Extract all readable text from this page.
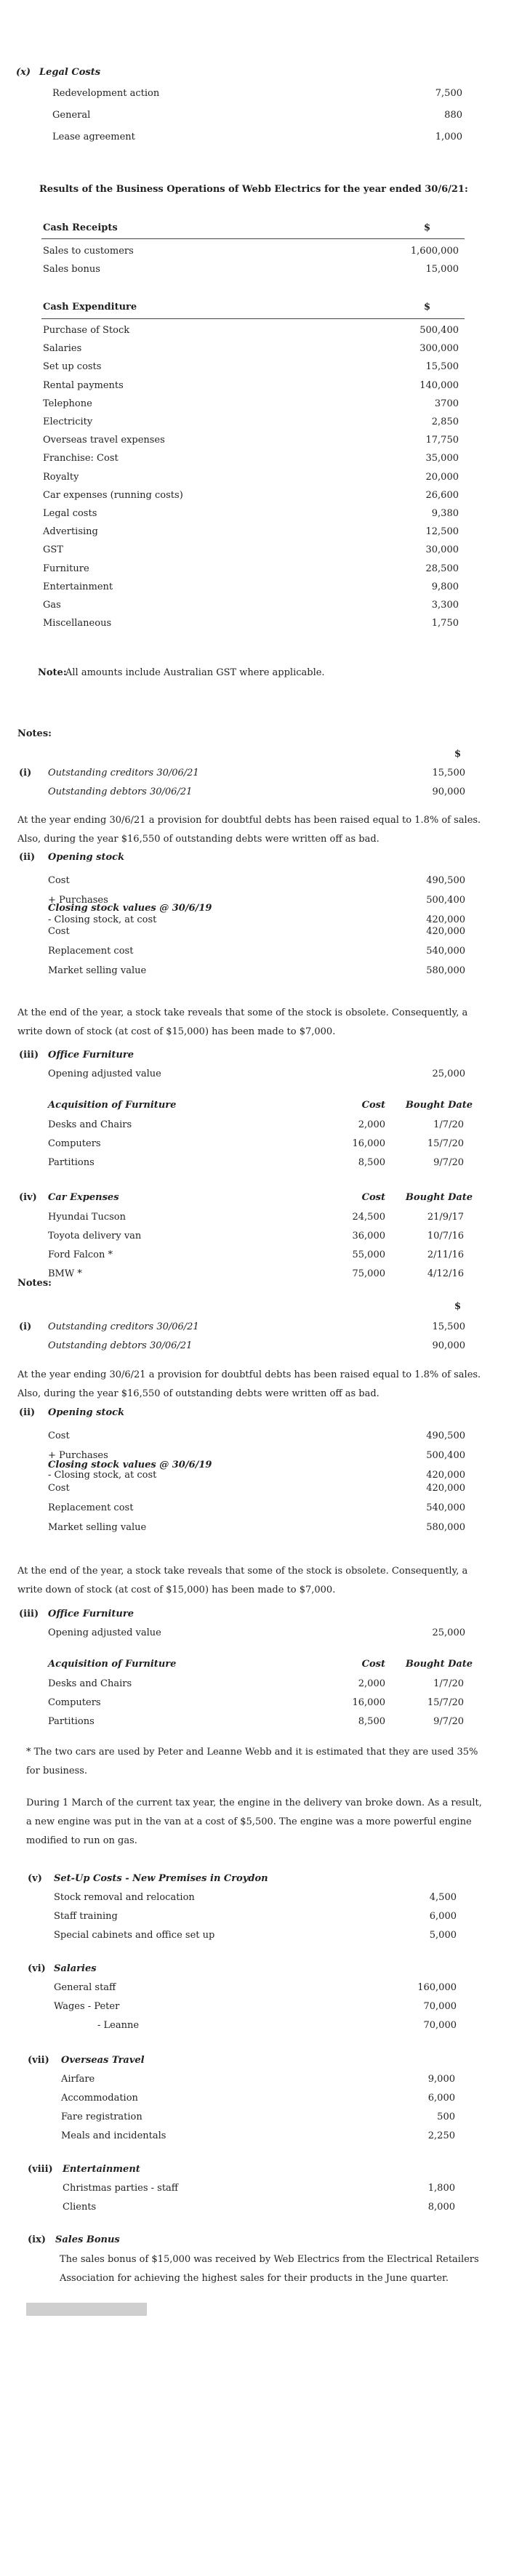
(x) Legal Costs
Redevelopment action	7,500
General	880
Lease agreement	1,000
Results of the Business Operations of Webb Electrics for the year ended 30/6/21:
Cash Receipts	$
Sales to customers	1,600,000
Sales bonus	15,000
Cash Expenditure	$
Purchase of Stock	500,400
Salaries	300,000
Set up costs	15,500
Rental payments	140,000
Telephone	3700
Electricity	2,850
Overseas travel expenses	17,750
Franchise: Cost	35,000
Royalty	20,000
Car expenses (running costs)	26,600
Legal costs	9,380
Advertising	12,500
GST	30,000
Furniture	28,500
Entertainment	9,800
Gas	3,300
Miscellaneous	1,750
Note:
All amounts include Australian GST where applicable.
Notes:
$
(i) Outstanding creditors 30/06/21	15,500
Outstanding debtors 30/06/21	90,000
At the year ending 30/6/21 a provision for doubtful debts has been raised equal to 1.8% of sales.
Also, during the year $16,550 of outstanding debts were written off as bad.
(ii) Opening stock
Cost	490,500
+ Purchases	500,400
- Closing stock, at cost	420,000
Closing stock values @ 30/6/19
Cost	420,000
Replacement cost	540,000
Market selling value	580,000
At the end of the year, a stock take reveals that some of the stock is obsolete. Consequently, a
write down of stock (at cost of $15,000) has been made to $7,000.
(iii) Office Furniture
Opening adjusted value	25,000
Acquisition of Furniture	Cost	Bought Date
Desks and Chairs	2,000	1/7/20
Computers	16,000	15/7/20
Partitions	8,500	9/7/20
(iv) Car Expenses	Cost	Bought Date
Hyundai Tucson	24,500	21/9/17
Toyota delivery van	36,000	10/7/16
Ford Falcon *	55,000	2/11/16
BMW *	75,000	4/12/16
Notes:
$
(i) Outstanding creditors 30/06/21	15,500
Outstanding debtors 30/06/21	90,000
At the year ending 30/6/21 a provision for doubtful debts has been raised equal to 1.8% of sales.
Also, during the year $16,550 of outstanding debts were written off as bad.
(ii) Opening stock
Cost	490,500
+ Purchases	500,400
- Closing stock, at cost	420,000
Closing stock values @ 30/6/19
Cost	420,000
Replacement cost	540,000
Market selling value	580,000
At the end of the year, a stock take reveals that some of the stock is obsolete. Consequently, a
write down of stock (at cost of $15,000) has been made to $7,000.
(iii) Office Furniture
Opening adjusted value	25,000
Acquisition of Furniture	Cost	Bought Date
Desks and Chairs	2,000	1/7/20
Computers	16,000	15/7/20
Partitions	8,500	9/7/20
* The two cars are used by Peter and Leanne Webb and it is estimated that they are used 35%
for business.
During 1 March of the current tax year, the engine in the delivery van broke down. As a result,
a new engine was put in the van at a cost of $5,500. The engine was a more powerful engine
modified to run on gas.
(v) Set-Up Costs - New Premises in Croydon
Stock removal and relocation	4,500
Staff training	6,000
Special cabinets and office set up	5,000
(vi) Salaries
General staff	160,000
Wages - Peter	70,000
- Leanne	70,000
(vii) Overseas Travel
Airfare	9,000
Accommodation	6,000
Fare registration	500
Meals and incidentals	2,250
(viii) Entertainment
Christmas parties - staff	1,800
Clients	8,000
(ix) Sales Bonus
The sales bonus of $15,000 was received by Web Electrics from the Electrical Retailers
Association for achieving the highest sales for their products in the June quarter.
